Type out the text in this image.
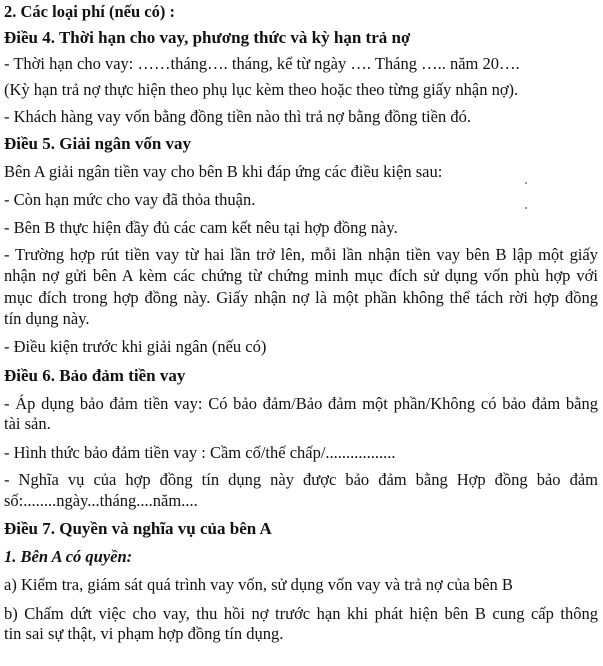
2. Các loại phí (nếu có) :
Điều 4. Thời hạn cho vay, phương thức và kỳ hạn trả nợ
- Thời hạn cho vay: ……tháng…. tháng, kể từ ngày …. Tháng ….. năm 20….
(Kỳ hạn trả nợ thực hiện theo phụ lục kèm theo hoặc theo từng giấy nhận nợ).
- Khách hàng vay vốn bằng đồng tiền nào thì trả nợ bằng đồng tiền đó.
Điều 5. Giải ngân vốn vay
Bên A giải ngân tiền vay cho bên B khi đáp ứng các điều kiện sau:
- Còn hạn mức cho vay đã thỏa thuận.
- Bên B thực hiện đầy đủ các cam kết nêu tại hợp đồng này.
- Trường hợp rút tiền vay từ hai lần trở lên, mỗi lần nhận tiền vay bên B lập một giấy
nhận nợ gửi bên A kèm các chứng từ chứng minh mục đích sử dụng vốn phù hợp với
mục đích trong hợp đồng này. Giấy nhận nợ là một phần không thể tách rời hợp đồng
tín dụng này.
- Điều kiện trước khi giải ngân (nếu có)
Điều 6. Bảo đảm tiền vay
- Áp dụng bảo đảm tiền vay: Có bảo đảm/Bảo đảm một phần/Không có bảo đảm bằng
tài sản.
- Hình thức bảo đảm tiền vay : Cầm cố/thế chấp/.................
- Nghĩa vụ của hợp đồng tín dụng này được bảo đảm bằng Hợp đồng bảo đảm
số:........ngày...tháng....năm....
Điều 7. Quyền và nghĩa vụ của bên A
1. Bên A có quyền:
a) Kiểm tra, giám sát quá trình vay vốn, sử dụng vốn vay và trả nợ của bên B
b) Chấm dứt việc cho vay, thu hồi nợ trước hạn khi phát hiện bên B cung cấp thông
tin sai sự thật, vi phạm hợp đồng tín dụng.
